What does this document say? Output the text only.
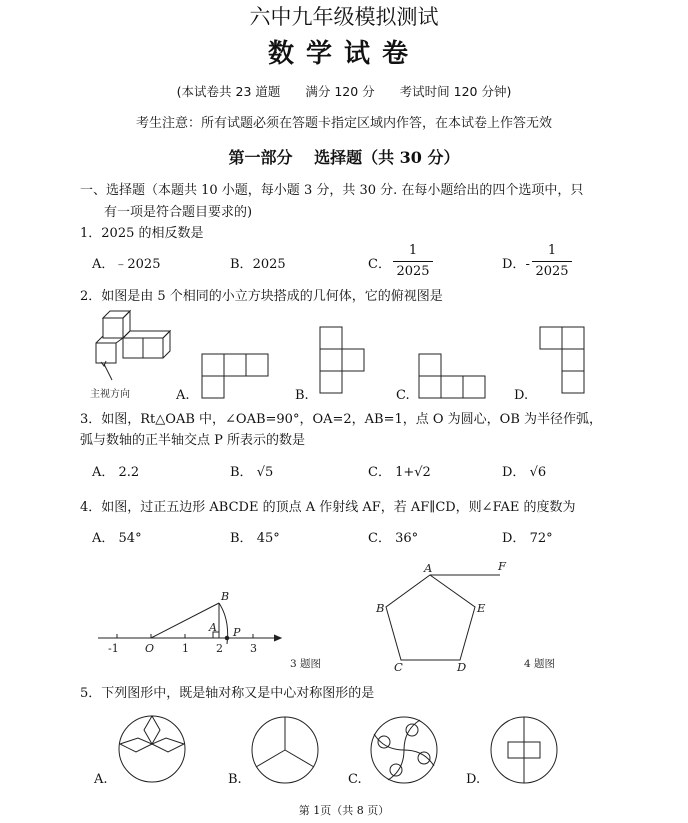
六中九年级模拟测试
数学试卷
(本试卷共 23 道题　　满分 120 分　　考试时间 120 分钟)
考生注意：所有试题必须在答题卡指定区域内作答，在本试卷上作答无效
第一部分　 选择题（共 30 分）
一、选择题（本题共 10 小题，每小题 3 分，共 30 分. 在每小题给出的四个选项中，只
有一项是符合题目要求的)
1．2025 的相反数是
A．﹣2025	B．2025	C．
1
2025	D．-
1
2025
2．如图是由 5 个相同的小立方块搭成的几何体，它的俯视图是
主视方向	A.	B.	C.	D.
3．如图，Rt△OAB 中，∠OAB=90°，OA=2，AB=1，点 O 为圆心，OB 为半径作弧，
弧与数轴的正半轴交点 P 所表示的数是
A． 2.2	B． √5	C． 1+√2	D． √6
4．如图，过正五边形 ABCDE 的顶点 A 作射线 AF，若 AF∥CD，则∠FAE 的度数为
A． 54°	B． 45°	C． 36°	D． 72°
-1 O	1 2 3
B
A P
3 题图
A
B
C	D
E
F
4 题图
5．下列图形中，既是轴对称又是中心对称图形的是
A.	B.	C.	D.
第 1页（共 8 页）
